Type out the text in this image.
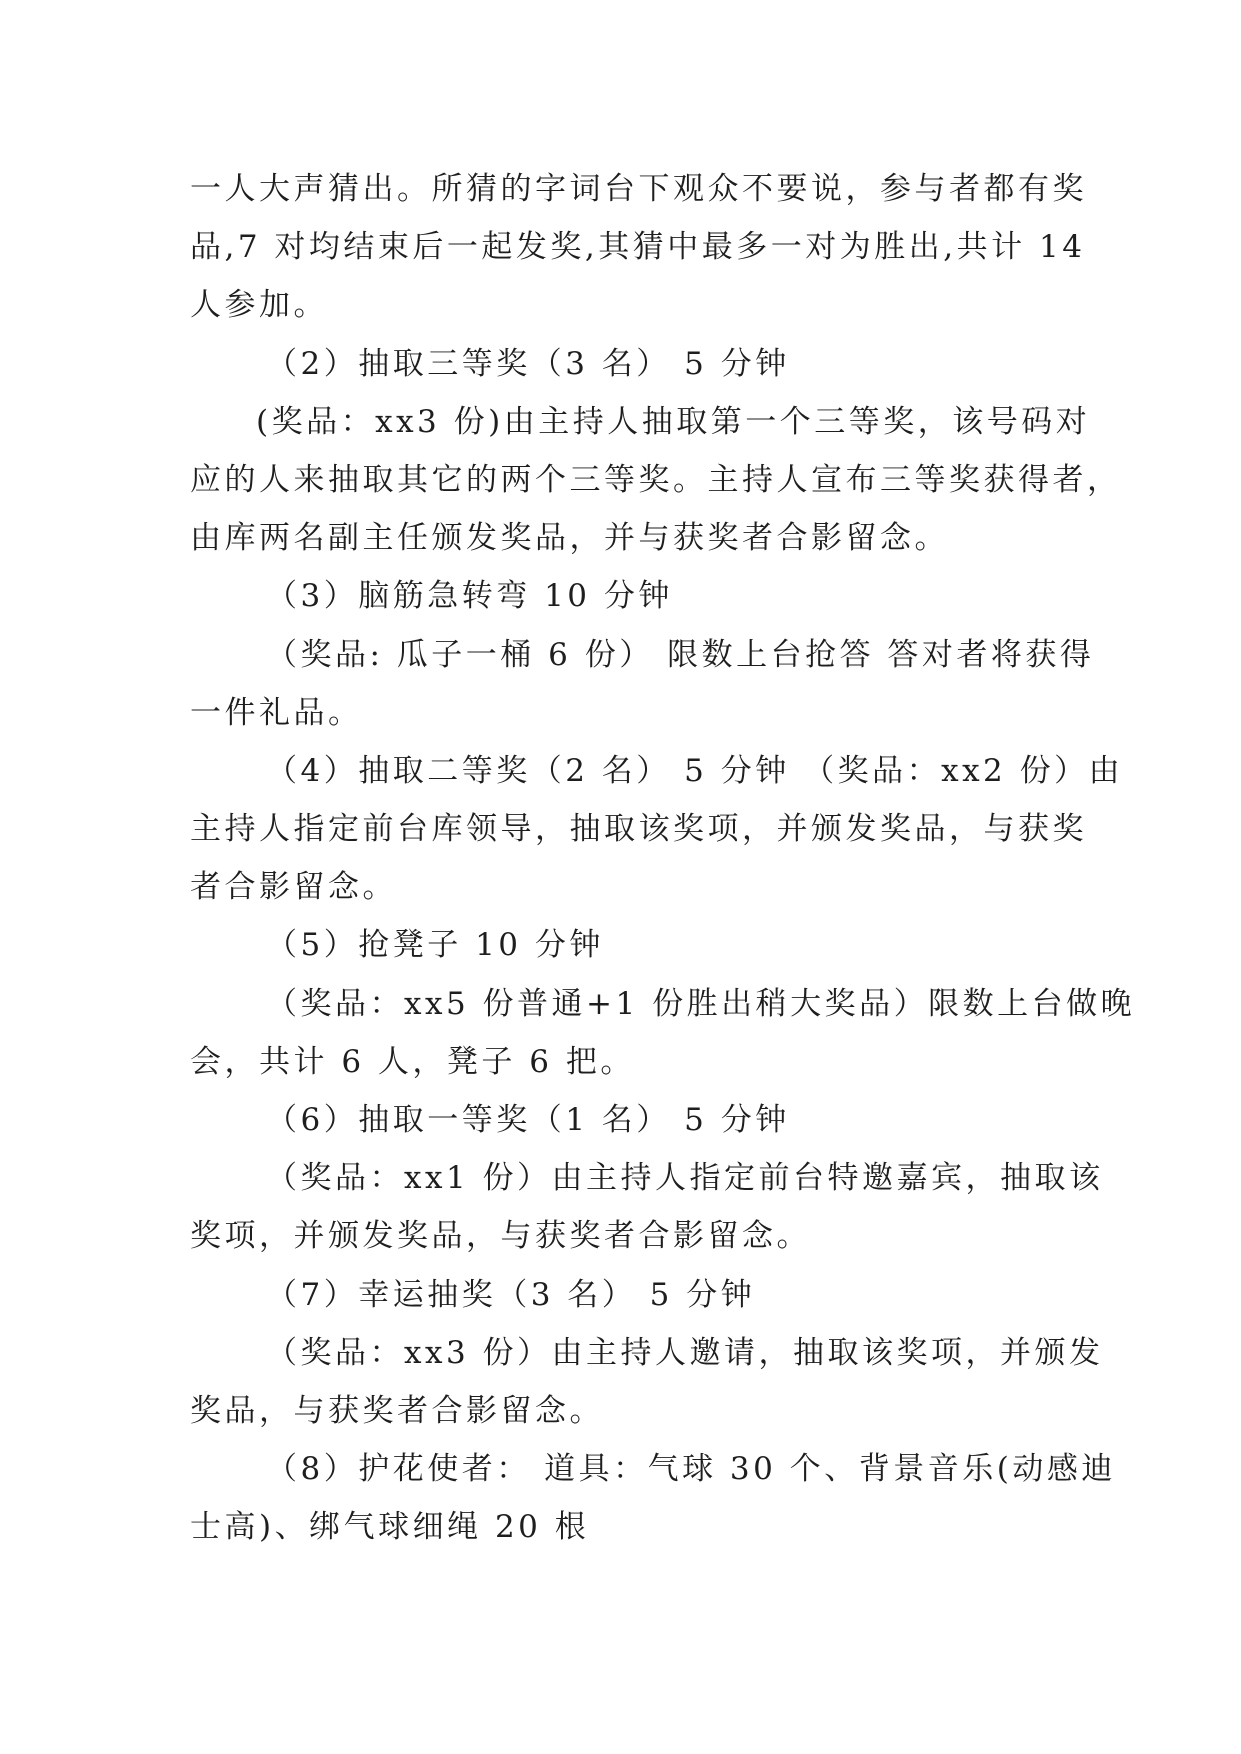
一人大声猜出。所猜的字词台下观众不要说，参与者都有奖
品,7 对均结束后一起发奖,其猜中最多一对为胜出,共计 14
人参加。
（2）抽取三等奖（3 名） 5 分钟
(奖品：xx3 份)由主持人抽取第一个三等奖，该号码对
应的人来抽取其它的两个三等奖。主持人宣布三等奖获得者，
由库两名副主任颁发奖品，并与获奖者合影留念。
（3）脑筋急转弯 10 分钟
（奖品: 瓜子一桶 6 份） 限数上台抢答 答对者将获得
一件礼品。
（4）抽取二等奖（2 名） 5 分钟 （奖品：xx2 份）由
主持人指定前台库领导，抽取该奖项，并颁发奖品，与获奖
者合影留念。
（5）抢凳子 10 分钟
（奖品：xx5 份普通+1 份胜出稍大奖品）限数上台做晚
会，共计 6 人，凳子 6 把。
（6）抽取一等奖（1 名） 5 分钟
（奖品：xx1 份）由主持人指定前台特邀嘉宾，抽取该
奖项，并颁发奖品，与获奖者合影留念。
（7）幸运抽奖（3 名） 5 分钟
（奖品：xx3 份）由主持人邀请，抽取该奖项，并颁发
奖品，与获奖者合影留念。
（8）护花使者： 道具：气球 30 个、背景音乐(动感迪
士高)、绑气球细绳 20 根
